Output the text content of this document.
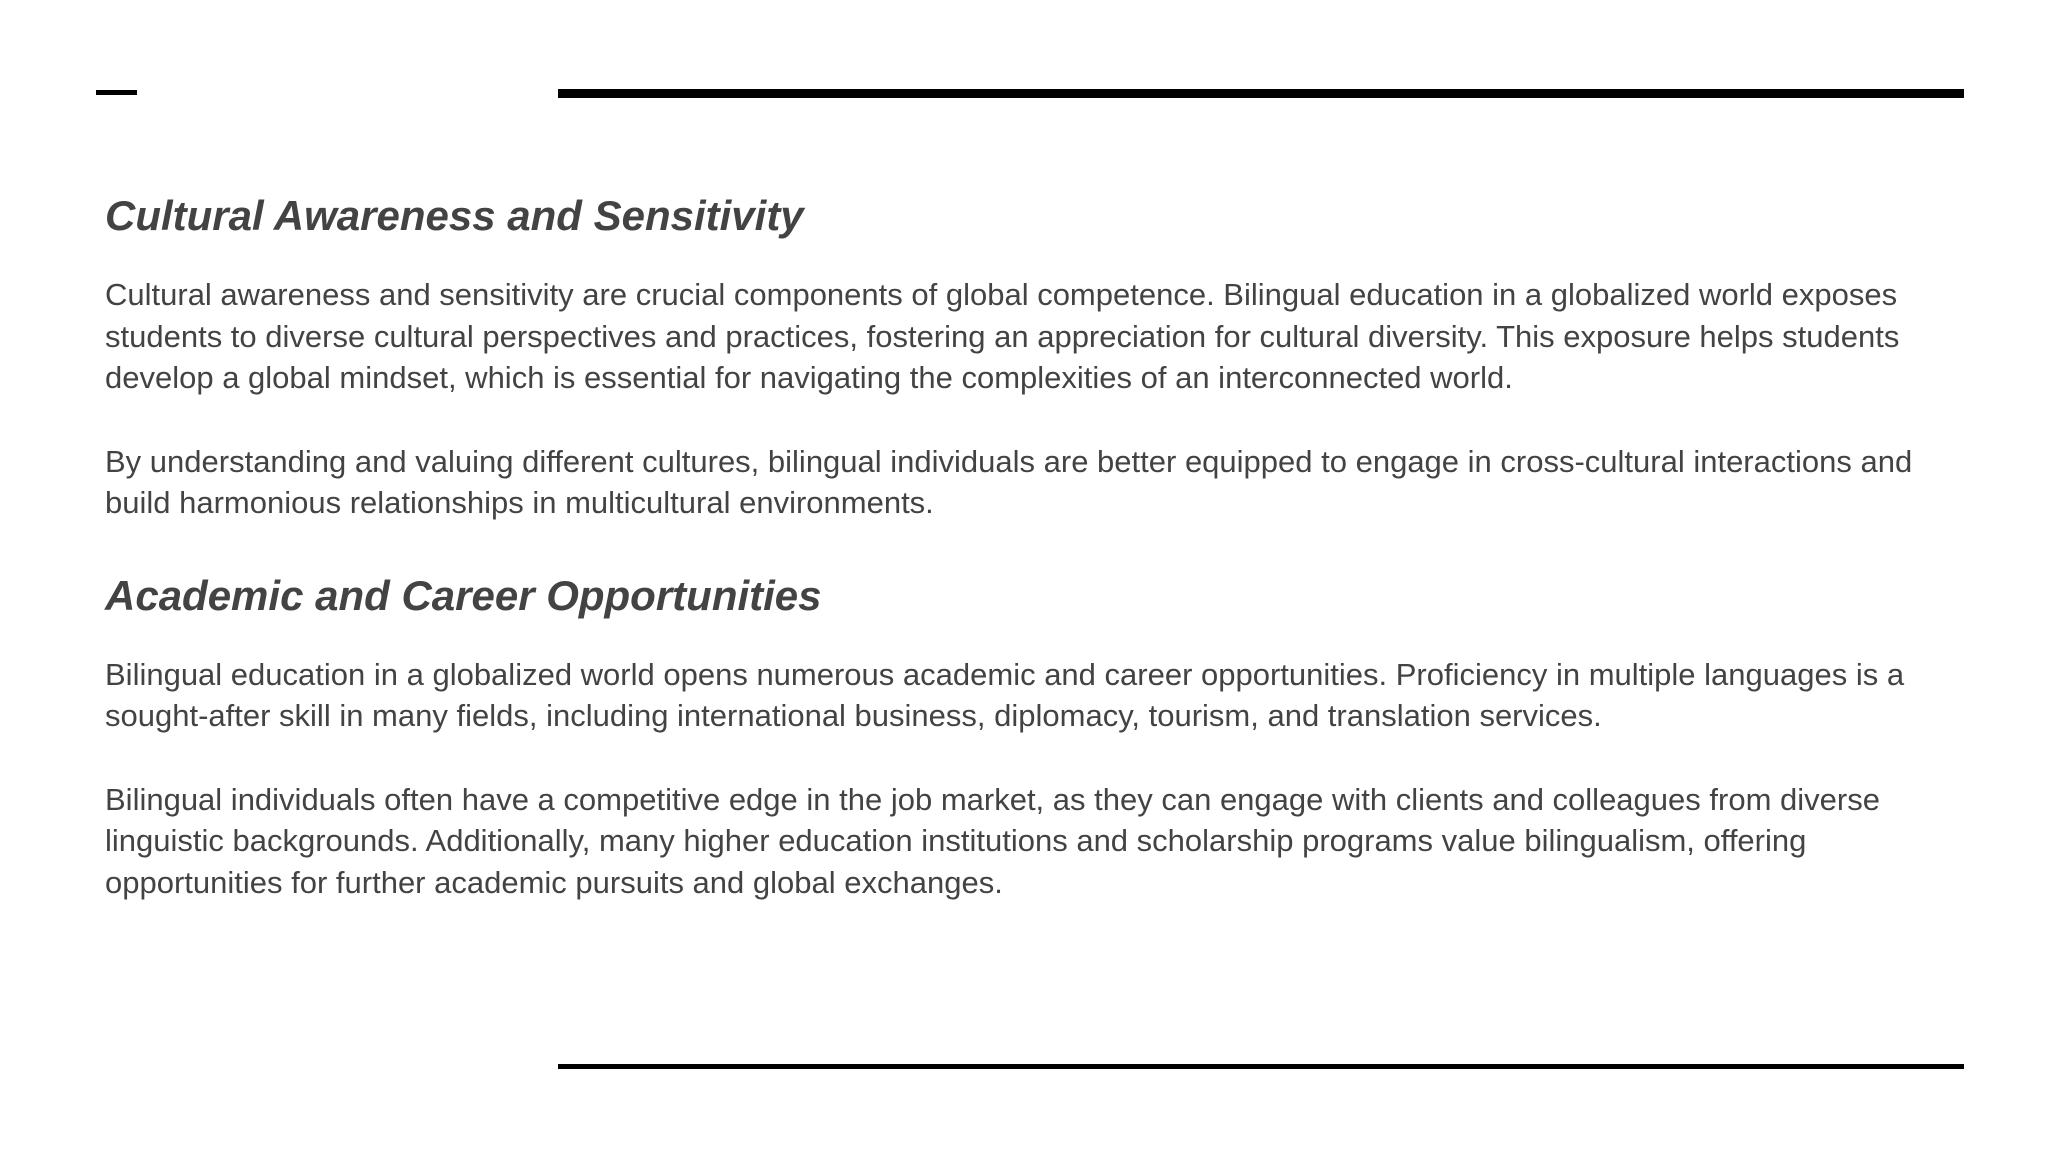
Cultural Awareness and Sensitivity

Cultural awareness and sensitivity are crucial components of global competence. Bilingual education in a globalized world exposes students to diverse cultural perspectives and practices, fostering an appreciation for cultural diversity. This exposure helps students develop a global mindset, which is essential for navigating the complexities of an interconnected world.

By understanding and valuing different cultures, bilingual individuals are better equipped to engage in cross-cultural interactions and build harmonious relationships in multicultural environments.

Academic and Career Opportunities

Bilingual education in a globalized world opens numerous academic and career opportunities. Proficiency in multiple languages is a sought-after skill in many fields, including international business, diplomacy, tourism, and translation services.

Bilingual individuals often have a competitive edge in the job market, as they can engage with clients and colleagues from diverse linguistic backgrounds. Additionally, many higher education institutions and scholarship programs value bilingualism, offering opportunities for further academic pursuits and global exchanges.
